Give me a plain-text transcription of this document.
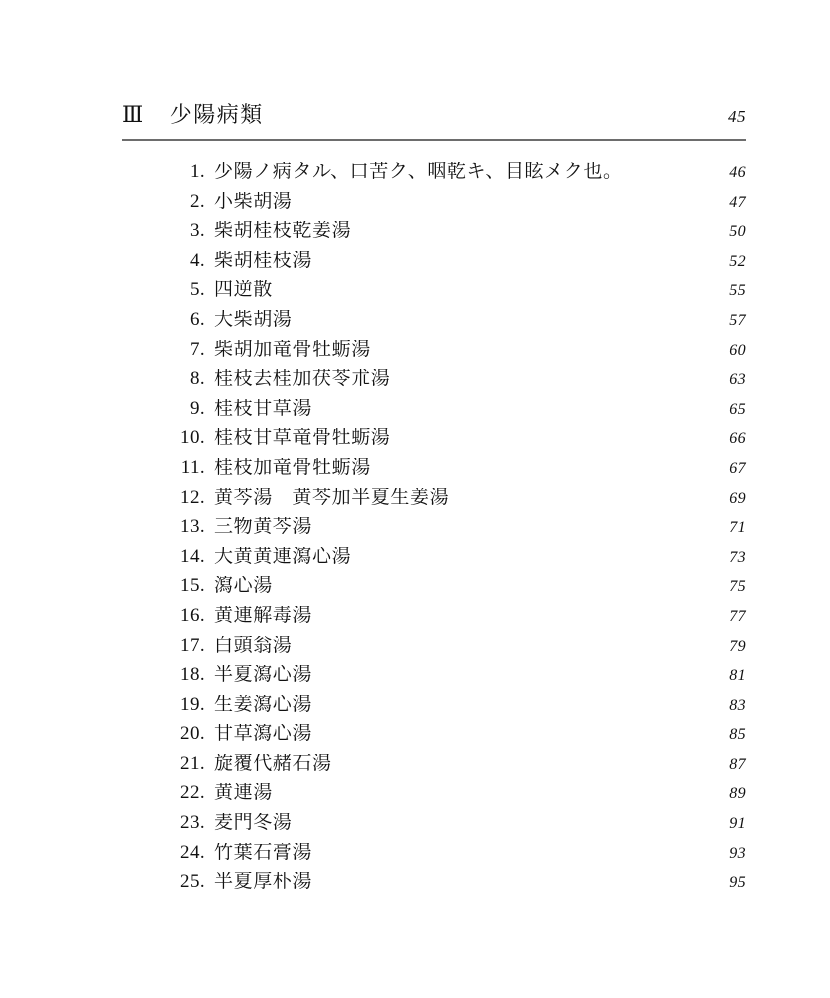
Ⅲ 少陽病類	45
1. 少陽ノ病タル、口苦ク、咽乾キ、目眩メク也。	46
2. 小柴胡湯	47
3. 柴胡桂枝乾姜湯	50
4. 柴胡桂枝湯	52
5. 四逆散	55
6. 大柴胡湯	57
7. 柴胡加竜骨牡蛎湯	60
8. 桂枝去桂加茯苓朮湯	63
9. 桂枝甘草湯	65
10. 桂枝甘草竜骨牡蛎湯	66
11. 桂枝加竜骨牡蛎湯	67
12. 黄芩湯　黄芩加半夏生姜湯	69
13. 三物黄芩湯	71
14. 大黄黄連瀉心湯	73
15. 瀉心湯	75
16. 黄連解毒湯	77
17. 白頭翁湯	79
18. 半夏瀉心湯	81
19. 生姜瀉心湯	83
20. 甘草瀉心湯	85
21. 旋覆代赭石湯	87
22. 黄連湯	89
23. 麦門冬湯	91
24. 竹葉石膏湯	93
25. 半夏厚朴湯	95
